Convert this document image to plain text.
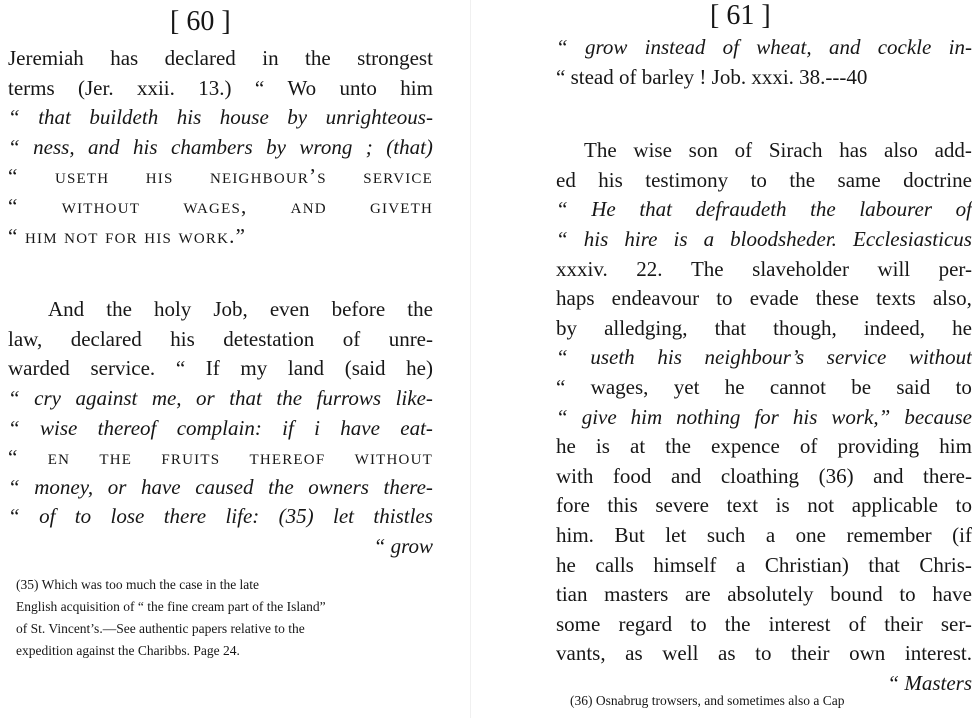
[ 60 ]
Jeremiah has declared in the strongest
terms (Jer. xxii. 13.) “ Wo unto him
“ that buildeth his house by unrighteous-
“ ness, and his chambers by wrong ; (that)
“ useth his neighbour’s service
“ without wages, and giveth
“ him not for his work.”
And the holy Job, even before the
law, declared his detestation of unre-
warded service. “ If my land (said he)
“ cry against me, or that the furrows like-
“ wise thereof complain: if i have eat-
“ en the fruits thereof without
“ money, or have caused the owners there-
“ of to lose there life: (35) let thistles
“ grow
(35) Which was too much the case in the late
English acquisition of “ the fine cream part of the Island”
of St. Vincent’s.—See authentic papers relative to the
expedition against the Charibbs. Page 24.
[ 61 ]
“ grow instead of wheat, and cockle in-
“ stead of barley ! Job. xxxi. 38.---40
The wise son of Sirach has also add-
ed his testimony to the same doctrine
“ He that defraudeth the labourer of
“ his hire is a bloodsheder. Ecclesiasticus
xxxiv. 22. The slaveholder will per-
haps endeavour to evade these texts also,
by alledging, that though, indeed, he
“ useth his neighbour’s service without
“ wages, yet he cannot be said to
“ give him nothing for his work,” because
he is at the expence of providing him
with food and cloathing (36) and there-
fore this severe text is not applicable to
him. But let such a one remember (if
he calls himself a Christian) that Chris-
tian masters are absolutely bound to have
some regard to the interest of their ser-
vants, as well as to their own interest.
“ Masters
(36) Osnabrug trowsers, and sometimes also a Cap
